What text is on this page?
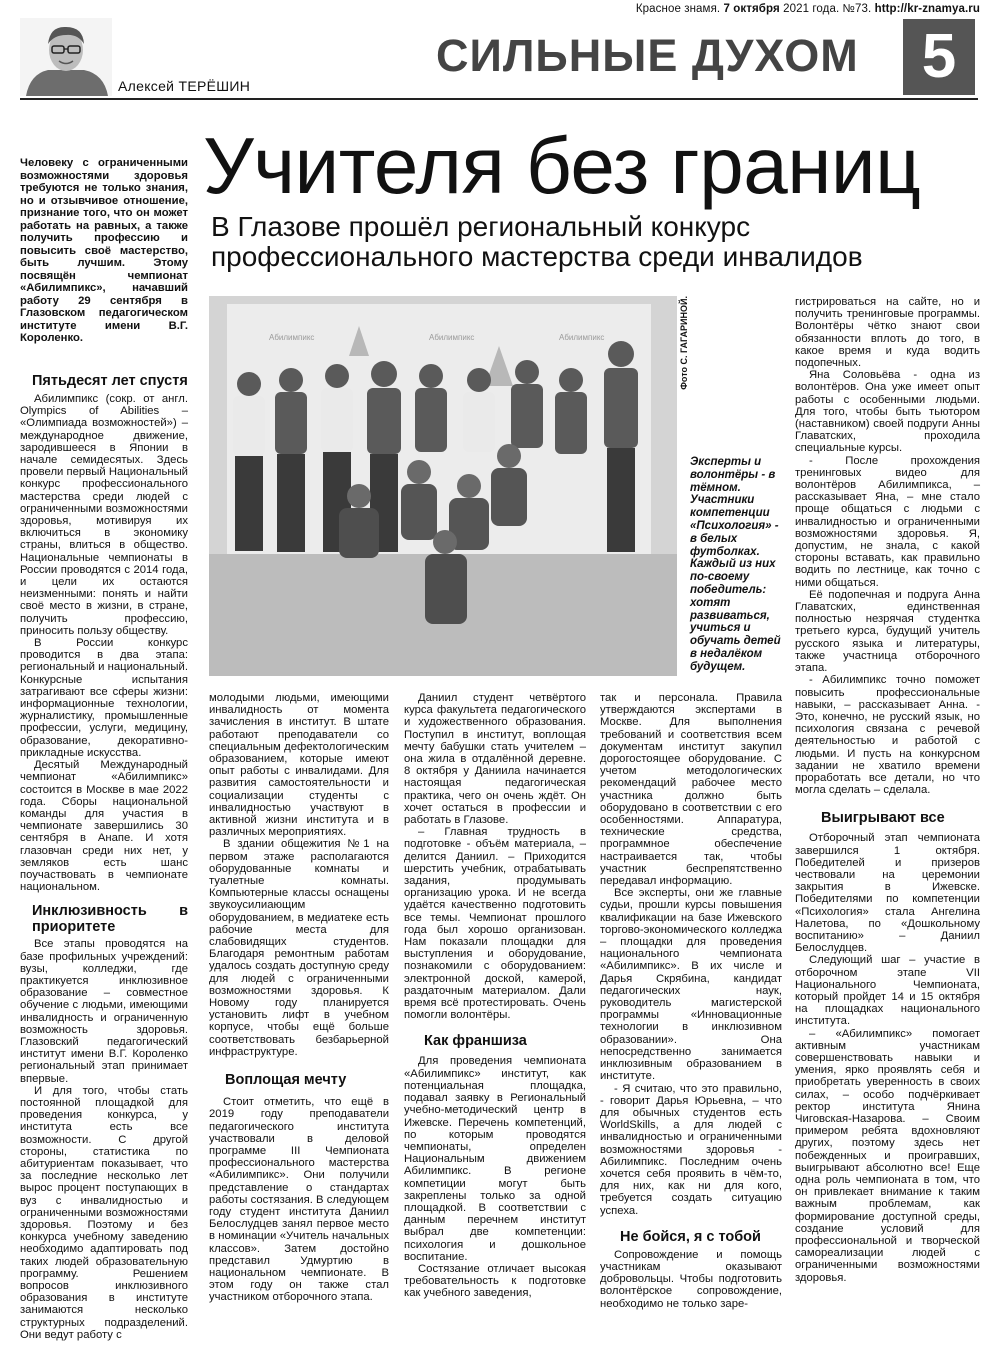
Красное знамя. 7 октября 2021 года. №73. http://kr-znamya.ru
Алексей ТЕРЁШИН
СИЛЬНЫЕ ДУХОМ	5
Учителя без границ
В Глазове прошёл региональный конкурс профессионального мастерства среди инвалидов
Человеку с ограниченными возможностями здоровья требуются не только знания, но и отзывчивое отношение, признание того, что он может работать на равных, а также получить профессию и повысить своё мастерство, быть лучшим. Этому посвящён чемпионат «Абилимпикс», начавший работу 29 сентября в Глазовском педагогическом институте имени В.Г. Короленко.
Пятьдесят лет спустя

Абилимпикс (сокр. от англ. Olympics of Abilities – «Олимпиада возможностей») – международное движение, зародившееся в Японии в начале семидесятых. Здесь провели первый Национальный конкурс профессионального мастерства среди людей с ограниченными возможностями здоровья, мотивируя их включиться в экономику страны, влиться в общество. Национальные чемпионаты в России проводятся с 2014 года, и цели их остаются неизменными: понять и найти своё место в жизни, в стране, получить профессию, приносить пользу обществу.

В России конкурс проводится в два этапа: региональный и национальный. Конкурсные испытания затрагивают все сферы жизни: информационные технологии, журналистику, промышленные профессии, услуги, медицину, образование, декоративно-прикладные искусства.

Десятый Международный чемпионат «Абилимпикс» состоится в Москве в мае 2022 года. Сборы национальной команды для участия в чемпионате завершились 30 сентября в Анапе. И хотя глазовчан среди них нет, у земляков есть шанс поучаствовать в чемпионате национальном.

Инклюзивность в приоритете

Все этапы проводятся на базе профильных учреждений: вузы, колледжи, где практикуется инклюзивное образование – совместное обучение с людьми, имеющими инвалидность и ограниченную возможность здоровья. Глазовский педагогический институт имени В.Г. Короленко региональный этап принимает впервые.

И для того, чтобы стать постоянной площадкой для проведения конкурса, у института есть все возможности. С другой стороны, статистика по абитуриентам показывает, что за последние несколько лет вырос процент поступающих в вуз с инвалидностью и ограниченными возможностями здоровья. Поэтому и без конкурса учебному заведению необходимо адаптировать под таких людей образовательную программу. Решением вопросов инклюзивного образования в институте занимаются несколько структурных подразделений. Они ведут работу с

Абилимпикс	Абилимпикс	Абилимпикс	Фото С. ГАГАРИНОЙ.
Эксперты и волонтёры - в тёмном. Участники компетенции «Психология» - в белых футболках. Каждый из них по-своему победитель: хотят развиваться, учиться и обучать детей в недалёком будущем.

молодыми людьми, имеющими инвалидность от момента зачисления в институт. В штате работают преподаватели со специальным дефектологическим образованием, которые имеют опыт работы с инвалидами. Для развития самостоятельности и социализации студенты с инвалидностью участвуют в активной жизни института и в различных мероприятиях.

В здании общежития №1 на первом этаже располагаются оборудованные комнаты и туалетные комнаты. Компьютерные классы оснащены звукоусилиающим оборудованием, в медиатеке есть рабочие места для слабовидящих студентов. Благодаря ремонтным работам удалось создать доступную среду для людей с ограниченными возможностями здоровья. К Новому году планируется установить лифт в учебном корпусе, чтобы ещё больше соответствовать безбарьерной инфраструктуре.

Воплощая мечту

Стоит отметить, что ещё в 2019 году преподаватели педагогического института участвовали в деловой программе III Чемпионата профессионального мастерства «Абилимпикс». Они получили представление о стандартах работы состязания. В следующем году студент института Даниил Белослудцев занял первое место в номинации «Учитель начальных классов». Затем достойно представил Удмуртию в национальном чемпионате. В этом году он также стал участником отборочного этапа.

Даниил студент четвёртого курса факультета педагогического и художественного образования. Поступил в институт, воплощая мечту бабушки стать учителем – она жила в отдалённой деревне. 8 октября у Даниила начинается настоящая педагогическая практика, чего он очень ждёт. Он хочет остаться в профессии и работать в Глазове.

– Главная трудность в подготовке - объём материала, – делится Даниил. – Приходится шерстить учебник, отрабатывать задания, продумывать организацию урока. И не всегда удаётся качественно подготовить все темы. Чемпионат прошлого года был хорошо организован. Нам показали площадки для выступления и оборудование, познакомили с оборудованием: электронной доской, камерой, раздаточным материалом. Дали время всё протестировать. Очень помогли волонтёры.

Как франшиза

Для проведения чемпионата «Абилимпикс» институт, как потенциальная площадка, подавал заявку в Региональный учебно-методический центр в Ижевске. Перечень компетенций, по которым проводятся чемпионаты, определен Национальным движением Абилимпикс. В регионе компетиции могут быть закреплены только за одной площадкой. В соответствии с данным перечнем институт выбрал две компетенции: психология и дошкольное воспитание.

Состязание отличает высокая требовательность к подготовке как учебного заведения,

так и персонала. Правила утверждаются экспертами в Москве. Для выполнения требований и соответствия всем документам институт закупил дорогостоящее оборудование. С учетом методологических рекомендаций рабочее место участника должно быть оборудовано в соответствии с его особенностями. Аппаратура, технические средства, программное обеспечение настраивается так, чтобы участник беспрепятственно передавал информацию.

Все эксперты, они же главные судьи, прошли курсы повышения квалификации на базе Ижевского торгово-экономического колледжа – площадки для проведения национального чемпионата «Абилимпикс». В их числе и Дарья Скрябина, кандидат педагогических наук, руководитель магистерской программы «Инновационные технологии в инклюзивном образовании». Она непосредственно занимается инклюзивным образованием в институте.

- Я считаю, что это правильно, - говорит Дарья Юрьевна, – что для обычных студентов есть WorldSkills, а для людей с инвалидностью и ограниченными возможностями здоровья - Абилимпикс. Последним очень хочется себя проявить в чём-то, для них, как ни для кого, требуется создать ситуацию успеха.

Не бойся, я с тобой

Сопровождение и помощь участникам оказывают добровольцы. Чтобы подготовить волонтёрское сопровождение, необходимо не только заре-

гистрироваться на сайте, но и получить тренинговые программы. Волонтёры чётко знают свои обязанности вплоть до того, в какое время и куда водить подопечных.

Яна Соловьёва - одна из волонтёров. Она уже имеет опыт работы с особенными людьми. Для того, чтобы быть тьютором (наставником) своей подруги Анны Главатских, проходила специальные курсы.

- После прохождения тренинговых видео для волонтёров Абилимпикса, – рассказывает Яна, – мне стало проще общаться с людьми с инвалидностью и ограниченными возможностями здоровья. Я, допустим, не знала, с какой стороны вставать, как правильно водить по лестнице, как точно с ними общаться.

Её подопечная и подруга Анна Главатских, единственная полностью незрячая студентка третьего курса, будущий учитель русского языка и литературы, также участница отборочного этапа.

- Абилимпикс точно поможет повысить профессиональные навыки, – рассказывает Анна. - Это, конечно, не русский язык, но психология связана с речевой деятельностью и работой с людьми. И пусть на конкурсном задании не хватило времени проработать все детали, но что могла сделать – сделала.

Выигрывают все

Отборочный этап чемпионата завершился 1 октября. Победителей и призеров чествовали на церемонии закрытия в Ижевске. Победителями по компетенции «Психология» стала Ангелина Налетова, по «Дошкольному воспитанию» – Даниил Белослудцев.

Следующий шаг – участие в отборочном этапе VII Национального Чемпионата, который пройдет 14 и 15 октября на площадках национального института.

– «Абилимпикс» помогает активным участникам совершенствовать навыки и умения, ярко проявлять себя и приобретать уверенность в своих силах, – особо подчёркивает ректор института Янина Чиговская-Назарова. – Своим примером ребята вдохновляют других, поэтому здесь нет побежденных и проигравших, выигрывают абсолютно все! Еще одна роль чемпионата в том, что он привлекает внимание к таким важным проблемам, как формирование доступной среды, создание условий для профессиональной и творческой самореализации людей с ограниченными возможностями здоровья.
